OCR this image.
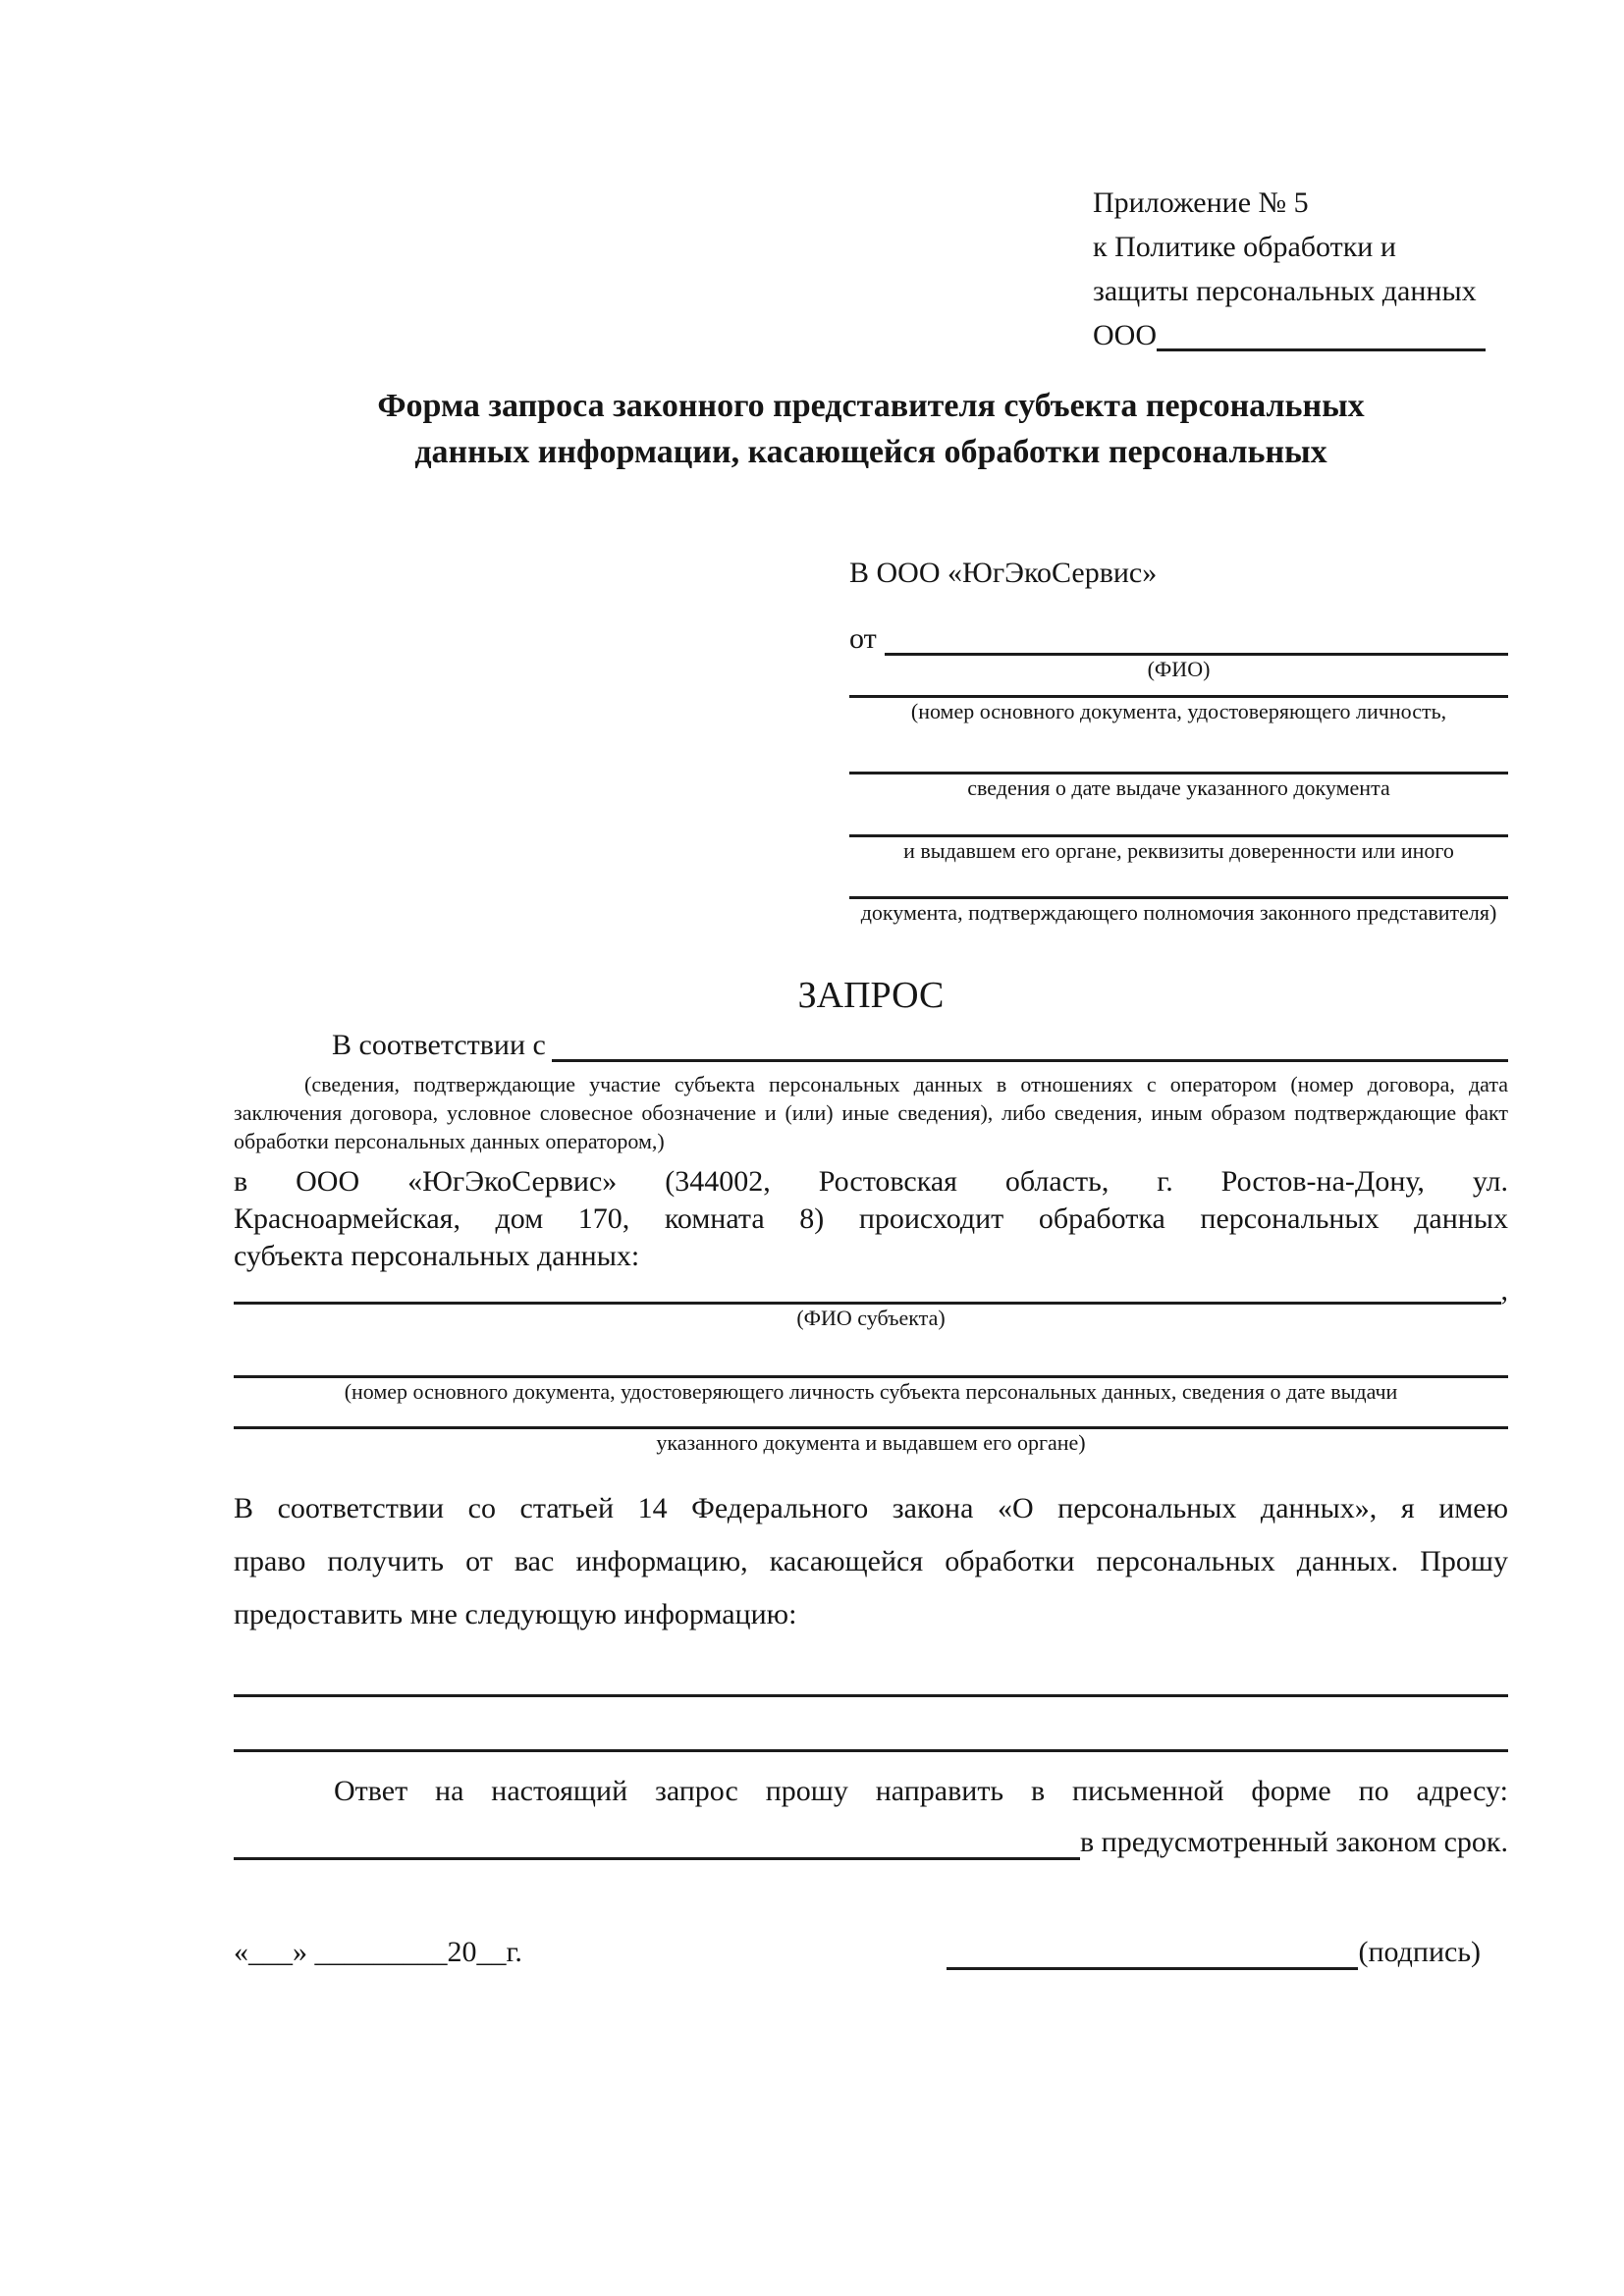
Приложение № 5
к Политике обработки и
защиты персональных данных
ООО
Форма запроса законного представителя субъекта персональных
данных информации, касающейся обработки персональных
В ООО «ЮгЭкоСервис»
от
(ФИО)
(номер основного документа, удостоверяющего личность,
сведения о дате выдаче указанного документа
и выдавшем его органе, реквизиты доверенности или иного
документа, подтверждающего полномочия законного представителя)
ЗАПРОС
В соответствии с
(сведения, подтверждающие участие субъекта персональных данных в отношениях с оператором (номер договора, дата
заключения договора, условное словесное обозначение и (или) иные сведения), либо сведения, иным образом подтверждающие факт
обработки персональных данных оператором,)
в ООО «ЮгЭкоСервис» (344002, Ростовская область, г. Ростов-на-Дону, ул.
Красноармейская, дом 170, комната 8) происходит обработка персональных данных
субъекта персональных данных:
,
(ФИО субъекта)
(номер основного документа, удостоверяющего личность субъекта персональных данных, сведения о дате выдачи
указанного документа и выдавшем его органе)
В соответствии со статьей 14 Федерального закона «О персональных данных», я имею
право получить от вас информацию, касающейся обработки персональных данных. Прошу
предоставить мне следующую информацию:
Ответ на настоящий запрос прошу направить в письменной форме по адресу:
в предусмотренный законом срок.
«___» _________20__г.	(подпись)
